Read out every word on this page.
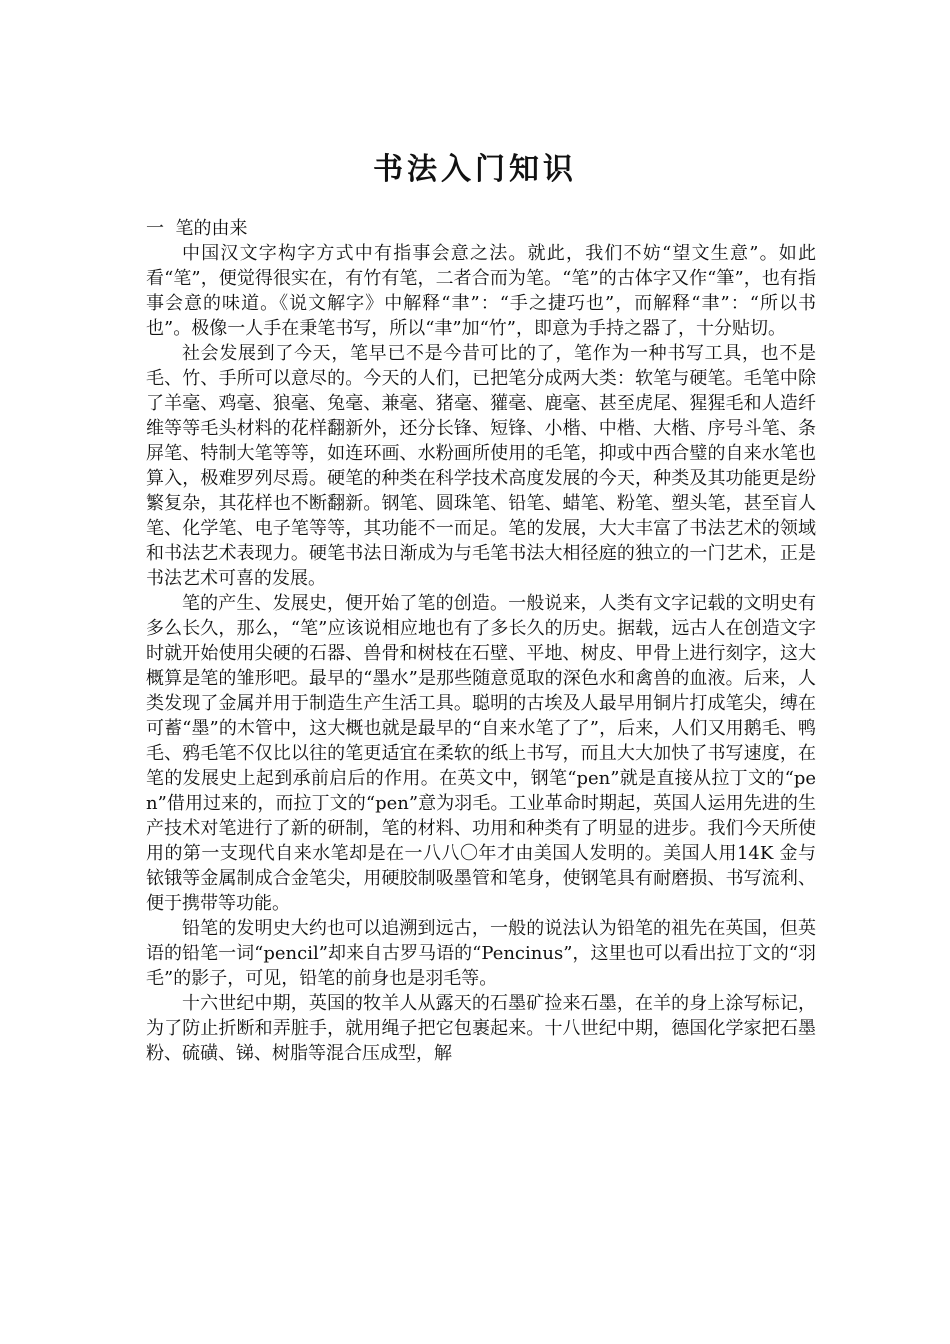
书法入门知识
一  笔的由来

中国汉文字构字方式中有指事会意之法。就此，我们不妨“望文生意”。如此看“笔”，便觉得很实在，有竹有笔，二者合而为笔。“笔”的古体字又作“筆”，也有指事会意的味道。《说文解字》中解释“聿”：“手之捷巧也”，而解释“聿”：“所以书也”。极像一人手在秉笔书写，所以“聿”加“竹”，即意为手持之器了，十分贴切。

社会发展到了今天，笔早已不是今昔可比的了，笔作为一种书写工具，也不是毛、竹、手所可以意尽的。今天的人们，已把笔分成两大类：软笔与硬笔。毛笔中除了羊毫、鸡毫、狼毫、兔毫、兼毫、猪毫、獾毫、鹿毫、甚至虎尾、猩猩毛和人造纤维等等毛头材料的花样翻新外，还分长锋、短锋、小楷、中楷、大楷、序号斗笔、条屏笔、特制大笔等等，如连环画、水粉画所使用的毛笔，抑或中西合璧的自来水笔也算入，极难罗列尽焉。硬笔的种类在科学技术高度发展的今天，种类及其功能更是纷繁复杂，其花样也不断翻新。钢笔、圆珠笔、铅笔、蜡笔、粉笔、塑头笔，甚至盲人笔、化学笔、电子笔等等，其功能不一而足。笔的发展，大大丰富了书法艺术的领域和书法艺术表现力。硬笔书法日渐成为与毛笔书法大相径庭的独立的一门艺术，正是书法艺术可喜的发展。

笔的产生、发展史，便开始了笔的创造。一般说来，人类有文字记载的文明史有多么长久，那么，“笔”应该说相应地也有了多长久的历史。据载，远古人在创造文字时就开始使用尖硬的石器、兽骨和树枝在石壁、平地、树皮、甲骨上进行刻字，这大概算是笔的雏形吧。最早的“墨水”是那些随意觅取的深色水和禽兽的血液。后来，人类发现了金属并用于制造生产生活工具。聪明的古埃及人最早用铜片打成笔尖，缚在可蓄“墨”的木管中，这大概也就是最早的“自来水笔了了”，后来，人们又用鹅毛、鸭毛、鸦毛笔不仅比以往的笔更适宜在柔软的纸上书写，而且大大加快了书写速度，在笔的发展史上起到承前启后的作用。在英文中，钢笔“pen”就是直接从拉丁文的“pen”借用过来的，而拉丁文的“pen”意为羽毛。工业革命时期起，英国人运用先进的生产技术对笔进行了新的研制，笔的材料、功用和种类有了明显的进步。我们今天所使用的第一支现代自来水笔却是在一八八〇年才由美国人发明的。美国人用14K 金与铱锇等金属制成合金笔尖，用硬胶制吸墨管和笔身，使钢笔具有耐磨损、书写流利、便于携带等功能。

铅笔的发明史大约也可以追溯到远古，一般的说法认为铅笔的祖先在英国，但英语的铅笔一词“pencil”却来自古罗马语的“Pencinus”，这里也可以看出拉丁文的“羽毛”的影子，可见，铅笔的前身也是羽毛等。

十六世纪中期，英国的牧羊人从露天的石墨矿捡来石墨，在羊的身上涂写标记，为了防止折断和弄脏手，就用绳子把它包裹起来。十八世纪中期，德国化学家把石墨粉、硫磺、锑、树脂等混合压成型，解
